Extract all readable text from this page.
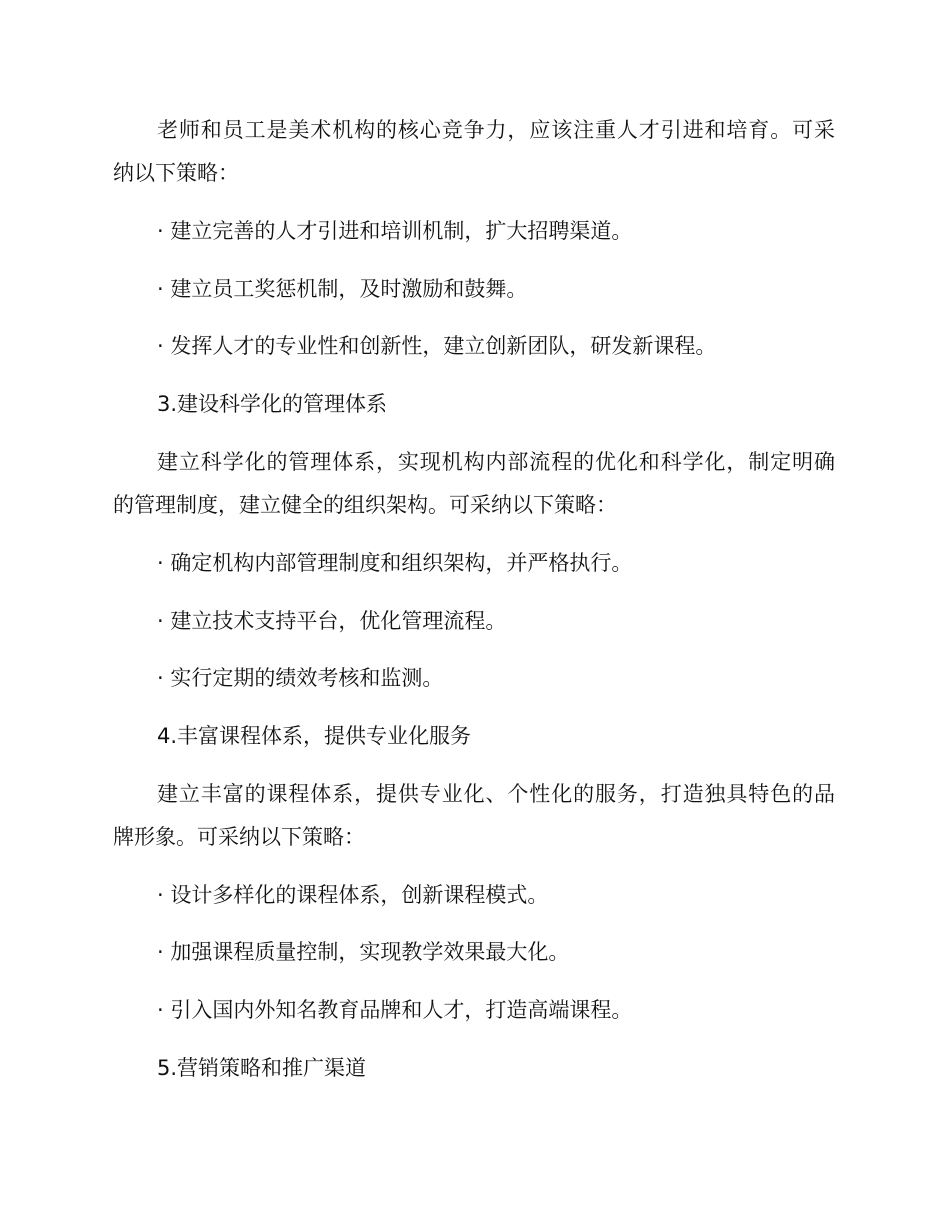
老师和员工是美术机构的核心竞争力，应该注重人才引进和培育。可采
纳以下策略：
· 建立完善的人才引进和培训机制，扩大招聘渠道。
· 建立员工奖惩机制，及时激励和鼓舞。
· 发挥人才的专业性和创新性，建立创新团队，研发新课程。
3.建设科学化的管理体系
建立科学化的管理体系，实现机构内部流程的优化和科学化，制定明确
的管理制度，建立健全的组织架构。可采纳以下策略：
· 确定机构内部管理制度和组织架构，并严格执行。
· 建立技术支持平台，优化管理流程。
· 实行定期的绩效考核和监测。
4.丰富课程体系，提供专业化服务
建立丰富的课程体系，提供专业化、个性化的服务，打造独具特色的品
牌形象。可采纳以下策略：
· 设计多样化的课程体系，创新课程模式。
· 加强课程质量控制，实现教学效果最大化。
· 引入国内外知名教育品牌和人才，打造高端课程。
5.营销策略和推广渠道
